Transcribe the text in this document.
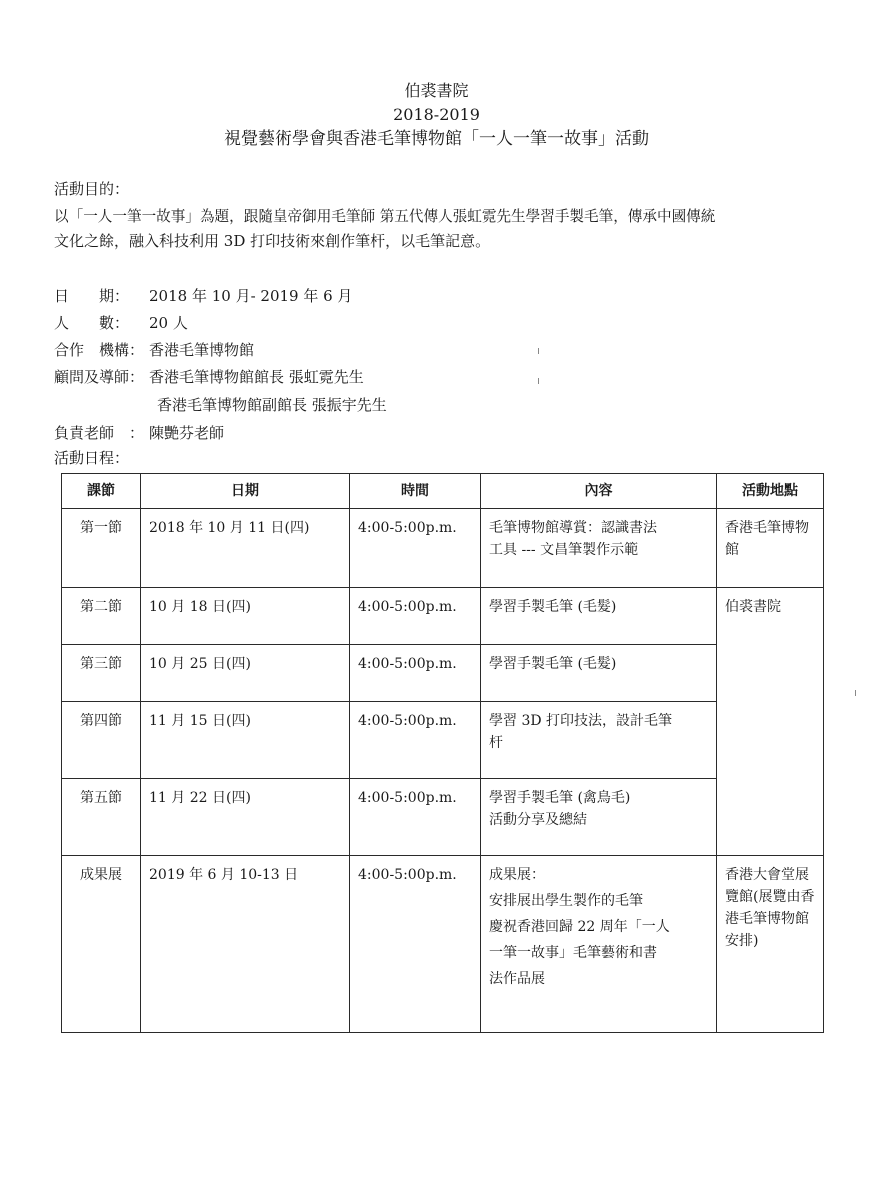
伯裘書院
2018-2019
視覺藝術學會與香港毛筆博物館「一人一筆一故事」活動
活動目的：
以「一人一筆一故事」為題，跟隨皇帝御用毛筆師 第五代傳人張虹霓先生學習手製毛筆，傳承中國傳統
文化之餘，融入科技利用 3D 打印技術來創作筆杆，以毛筆記意。
日　　期： 2018 年 10 月- 2019 年 6 月
人　　數： 20 人
合作　機構： 香港毛筆博物館
顧問及導師： 香港毛筆博物館館長 張虹霓先生
香港毛筆博物館副館長 張振宇先生
負責老師　： 陳艷芬老師
活動日程：
課節	日期	時間	內容	活動地點
第一節	2018 年 10 月 11 日(四)	4:00-5:00p.m.	毛筆博物館導賞：認識書法
工具 --- 文昌筆製作示範	香港毛筆博物館
第二節	10 月 18 日(四)	4:00-5:00p.m.	學習手製毛筆 (毛髮)	伯裘書院
第三節	10 月 25 日(四)	4:00-5:00p.m.	學習手製毛筆 (毛髮)	

第四節	11 月 15 日(四)	4:00-5:00p.m.	學習 3D 打印技法，設計毛筆
杆	

第五節	11 月 22 日(四)	4:00-5:00p.m.	學習手製毛筆 (禽鳥毛)
活動分享及總結	

成果展	2019 年 6 月 10-13 日	4:00-5:00p.m.	成果展：
安排展出學生製作的毛筆
慶祝香港回歸 22 周年「一人
一筆一故事」毛筆藝術和書
法作品展	香港大會堂展覽館(展覽由香港毛筆博物館安排)
